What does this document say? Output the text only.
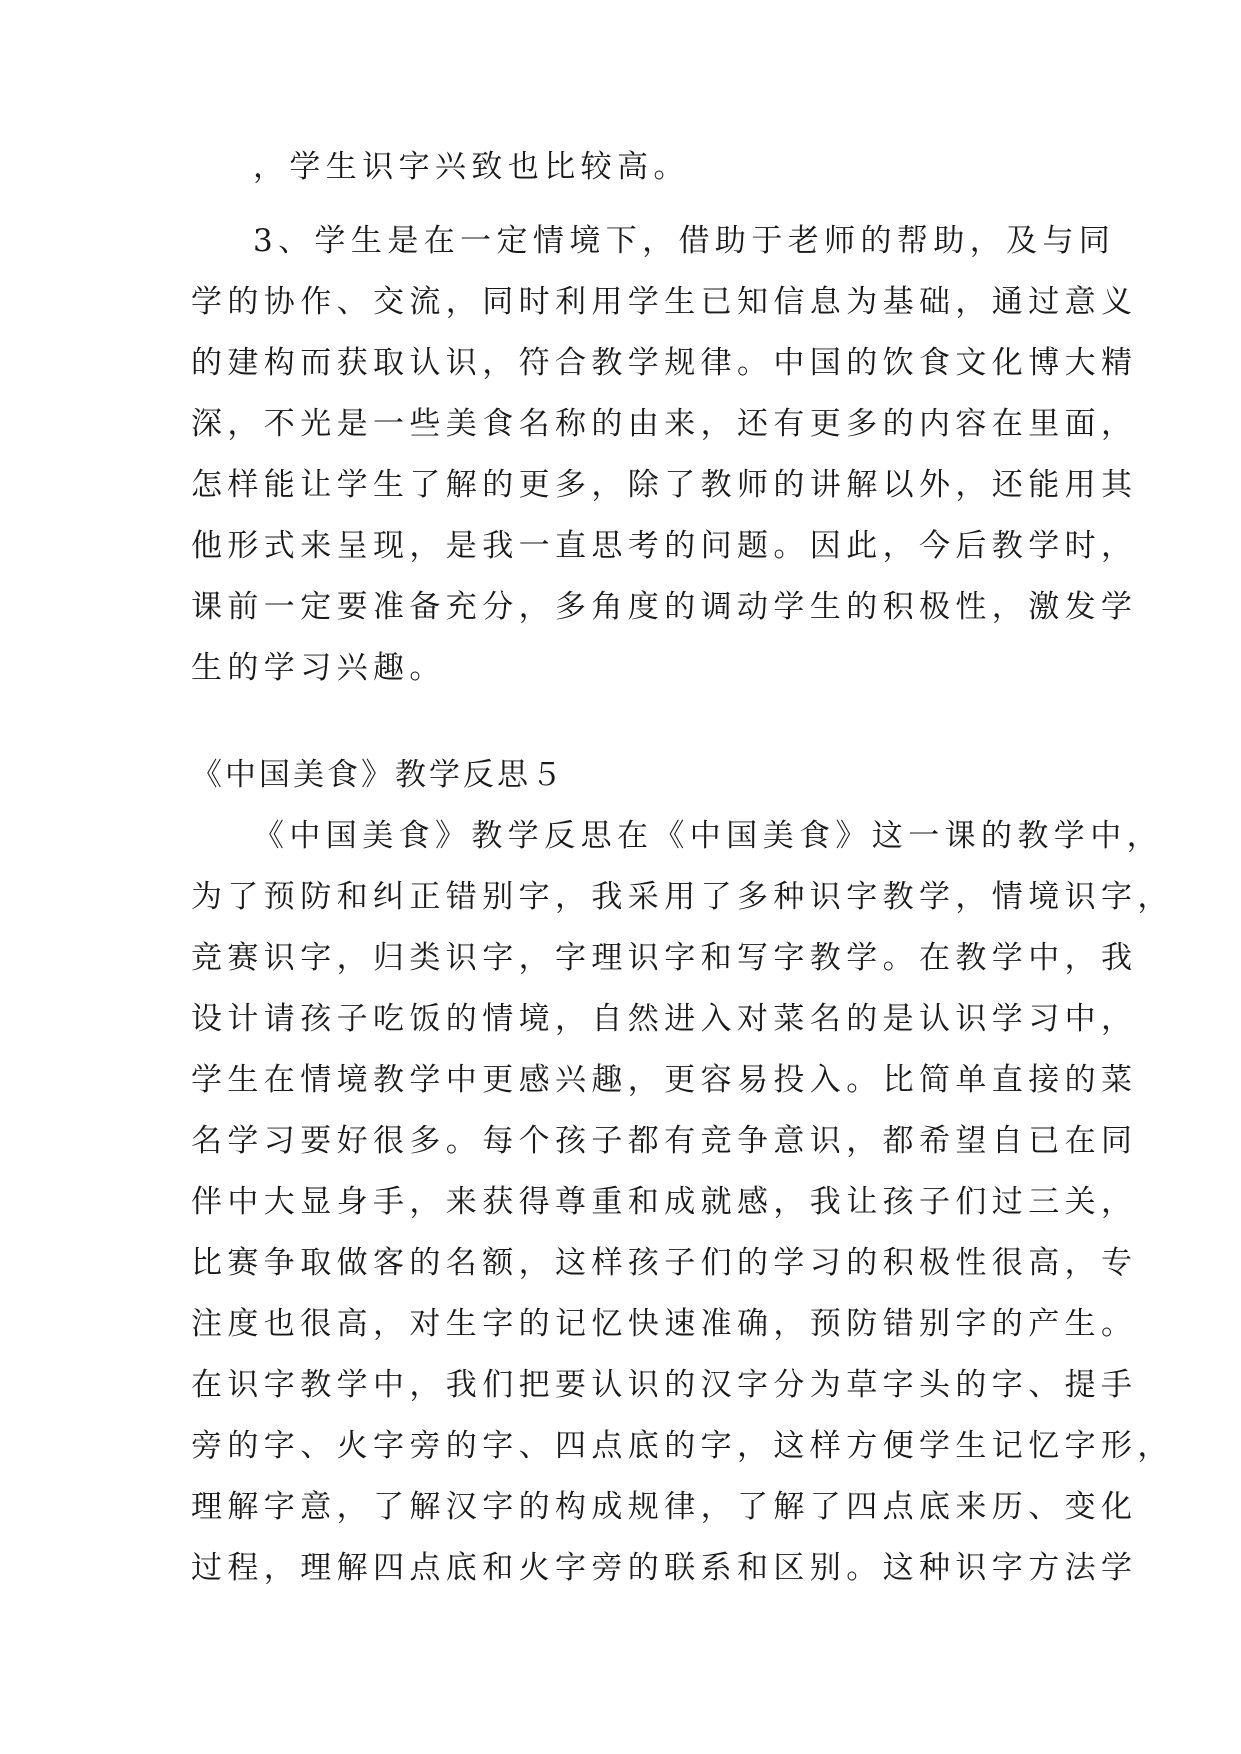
，学生识字兴致也比较高。
3、学生是在一定情境下，借助于老师的帮助，及与同
学的协作、交流，同时利用学生已知信息为基础，通过意义
的建构而获取认识，符合教学规律。中国的饮食文化博大精
深，不光是一些美食名称的由来，还有更多的内容在里面，
怎样能让学生了解的更多，除了教师的讲解以外，还能用其
他形式来呈现，是我一直思考的问题。因此，今后教学时，
课前一定要准备充分，多角度的调动学生的积极性，激发学
生的学习兴趣。
《中国美食》教学反思５
《中国美食》教学反思在《中国美食》这一课的教学中，
为了预防和纠正错别字，我采用了多种识字教学，情境识字，
竞赛识字，归类识字，字理识字和写字教学。在教学中，我
设计请孩子吃饭的情境，自然进入对菜名的是认识学习中，
学生在情境教学中更感兴趣，更容易投入。比简单直接的菜
名学习要好很多。每个孩子都有竞争意识，都希望自已在同
伴中大显身手，来获得尊重和成就感，我让孩子们过三关，
比赛争取做客的名额，这样孩子们的学习的积极性很高，专
注度也很高，对生字的记忆快速准确，预防错别字的产生。
在识字教学中，我们把要认识的汉字分为草字头的字、提手
旁的字、火字旁的字、四点底的字，这样方便学生记忆字形，
理解字意，了解汉字的构成规律，了解了四点底来历、变化
过程，理解四点底和火字旁的联系和区别。这种识字方法学
